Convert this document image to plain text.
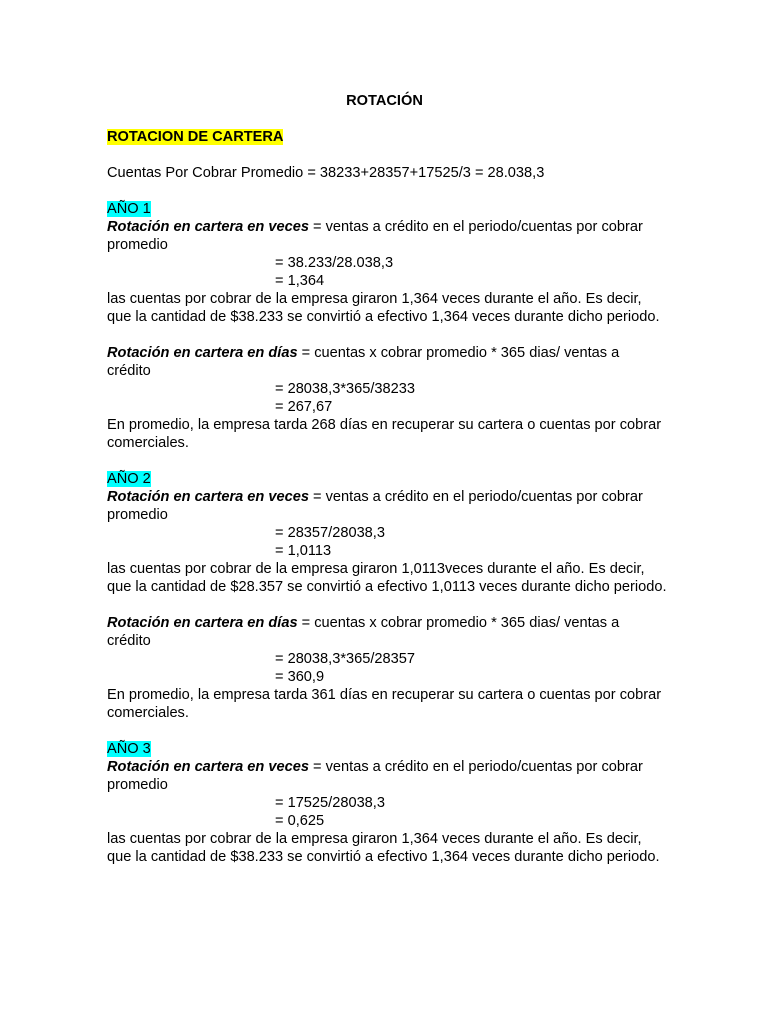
ROTACIÓN
ROTACION DE CARTERA

Cuentas Por Cobrar Promedio = 38233+28357+17525/3 = 28.038,3

AÑO 1

Rotación en cartera en veces = ventas a crédito en el periodo/cuentas por cobrar

promedio

= 38.233/28.038,3

= 1,364

las cuentas por cobrar de la empresa giraron 1,364 veces durante el año. Es decir, que la cantidad de $38.233 se convirtió a efectivo 1,364 veces durante dicho periodo.

Rotación en cartera en días = cuentas x cobrar promedio * 365 dias/ ventas a

crédito

= 28038,3*365/38233

= 267,67

En promedio, la empresa tarda 268 días en recuperar su cartera o cuentas por cobrar comerciales.

AÑO 2

Rotación en cartera en veces = ventas a crédito en el periodo/cuentas por cobrar

promedio

= 28357/28038,3

= 1,0113

las cuentas por cobrar de la empresa giraron 1,0113veces durante el año. Es decir, que la cantidad de $28.357 se convirtió a efectivo 1,0113 veces durante dicho periodo.

Rotación en cartera en días = cuentas x cobrar promedio * 365 dias/ ventas a

crédito

= 28038,3*365/28357

= 360,9

En promedio, la empresa tarda 361 días en recuperar su cartera o cuentas por cobrar comerciales.

AÑO 3

Rotación en cartera en veces = ventas a crédito en el periodo/cuentas por cobrar

promedio

= 17525/28038,3

= 0,625

las cuentas por cobrar de la empresa giraron 1,364 veces durante el año. Es decir, que la cantidad de $38.233 se convirtió a efectivo 1,364 veces durante dicho periodo.
